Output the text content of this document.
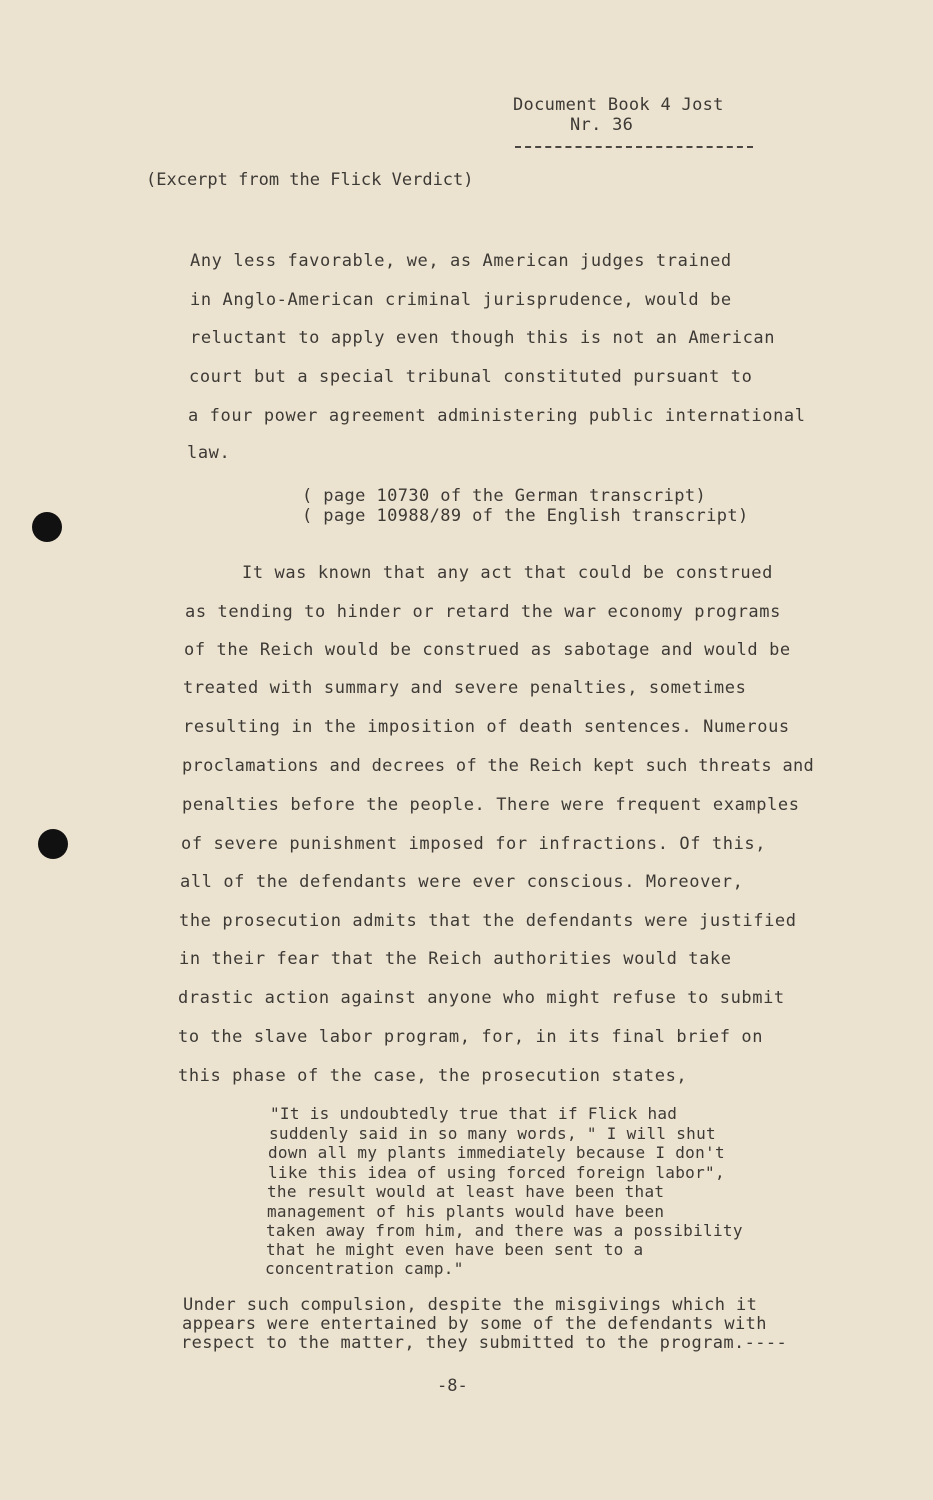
Document Book 4 Jost
Nr. 36
(Excerpt from the Flick Verdict)
Any less favorable, we, as American judges trained
in Anglo-American criminal jurisprudence, would be
reluctant to apply even though this is not an American
court but a special tribunal constituted pursuant to
a four power agreement administering public international
law.
( page 10730 of the German transcript)
( page 10988/89 of the English transcript)
It was known that any act that could be construed
as tending to hinder or retard the war economy programs
of the Reich would be construed as sabotage and would be
treated with summary and severe penalties, sometimes
resulting in the imposition of death sentences. Numerous
proclamations and decrees of the Reich kept such threats and
penalties before the people. There were frequent examples
of severe punishment imposed for infractions. Of this,
all of the defendants were ever conscious. Moreover,
the prosecution admits that the defendants were justified
in their fear that the Reich authorities would take
drastic action against anyone who might refuse to submit
to the slave labor program, for, in its final brief on
this phase of the case, the prosecution states,
"It is undoubtedly true that if Flick had
suddenly said in so many words, " I will shut
down all my plants immediately because I don't
like this idea of using forced foreign labor",
the result would at least have been that
management of his plants would have been
taken away from him, and there was a possibility
that he might even have been sent to a
concentration camp."
Under such compulsion, despite the misgivings which it
appears were entertained by some of the defendants with
respect to the matter, they submitted to the program.----
-8-
